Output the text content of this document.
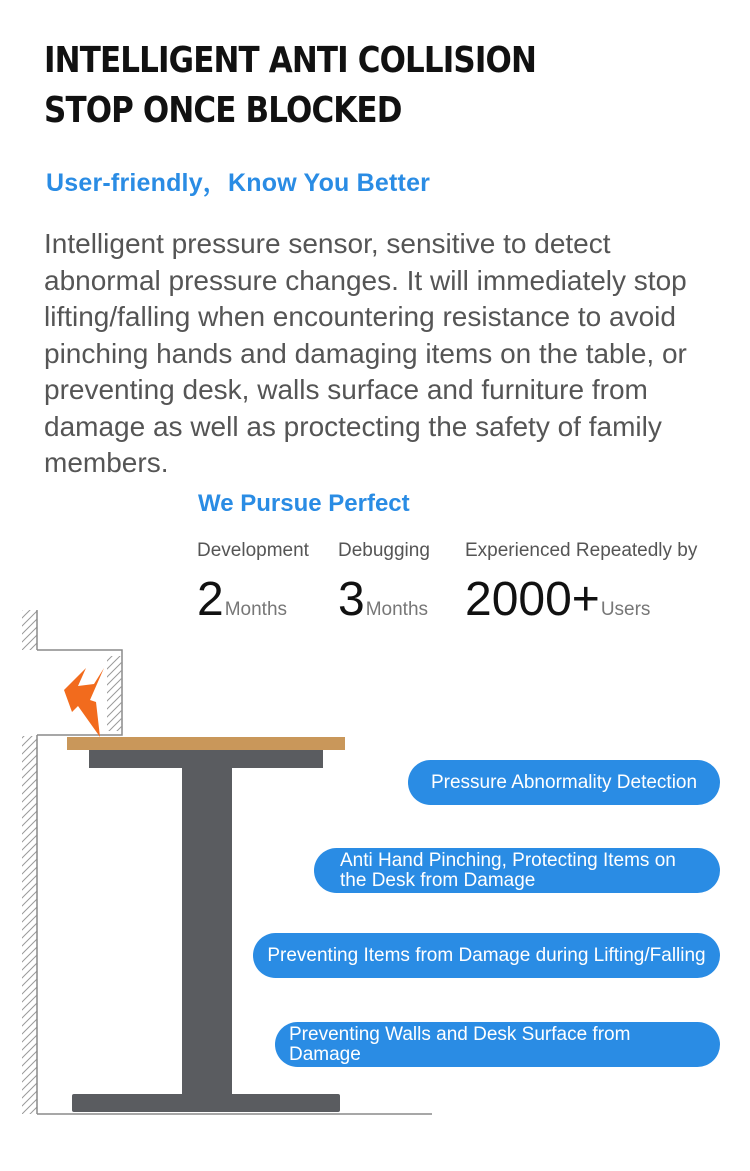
INTELLIGENT ANTI COLLISION
STOP ONCE BLOCKED

User-friendly，Know You Better

Intelligent pressure sensor, sensitive to detect abnormal pressure changes. It will immediately stop lifting/falling when encountering resistance to avoid pinching hands and damaging items on the table, or preventing desk, walls surface and furniture from damage as well as proctecting the safety of family members.

We Pursue Perfect
Development
2Months
Debugging
3Months
Experienced Repeatedly by
2000+Users
Pressure Abnormality Detection
Anti Hand Pinching, Protecting Items on the Desk from Damage
Preventing Items from Damage during Lifting/Falling
Preventing Walls and Desk Surface from Damage
